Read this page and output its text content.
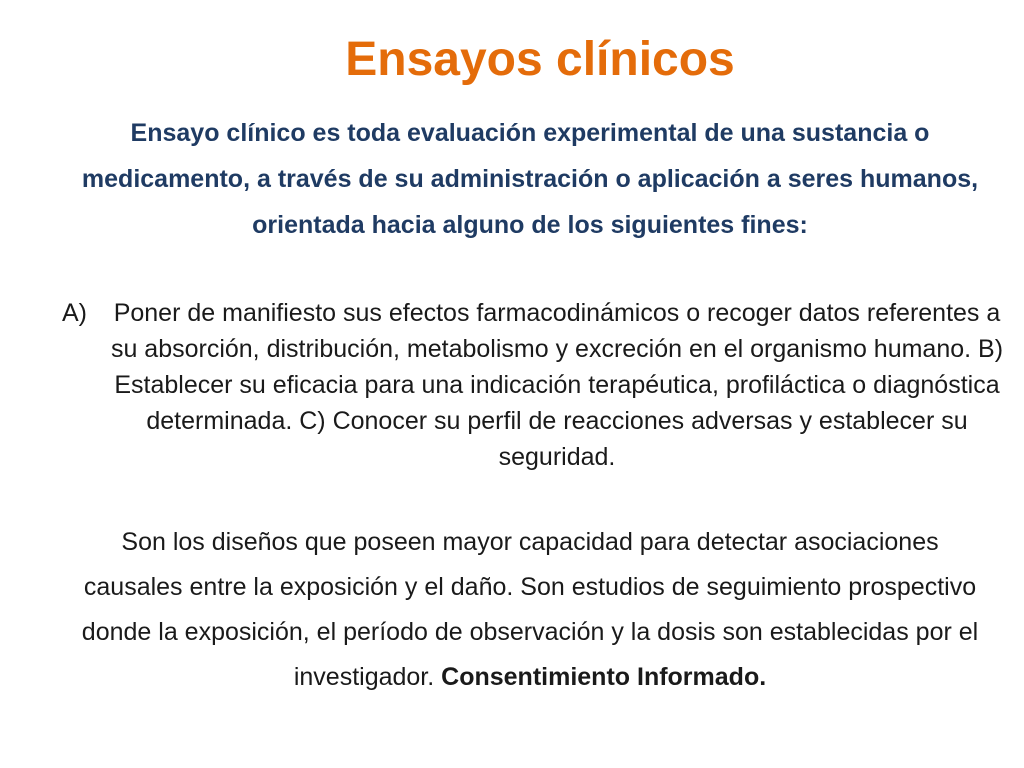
Ensayos clínicos
Ensayo clínico es toda evaluación experimental de una sustancia o medicamento, a través de su administración o aplicación a seres humanos, orientada hacia alguno de los siguientes fines:
A)	Poner de manifiesto sus efectos farmacodinámicos o recoger datos referentes a su absorción, distribución, metabolismo y excreción en el organismo humano. B) Establecer su eficacia para una indicación terapéutica, profiláctica o diagnóstica determinada. C) Conocer su perfil de reacciones adversas y establecer su seguridad.
Son los diseños que poseen mayor capacidad para detectar asociaciones causales entre la exposición y el daño. Son estudios de seguimiento prospectivo donde la exposición, el período de observación y la dosis son establecidas por el investigador. Consentimiento Informado.
